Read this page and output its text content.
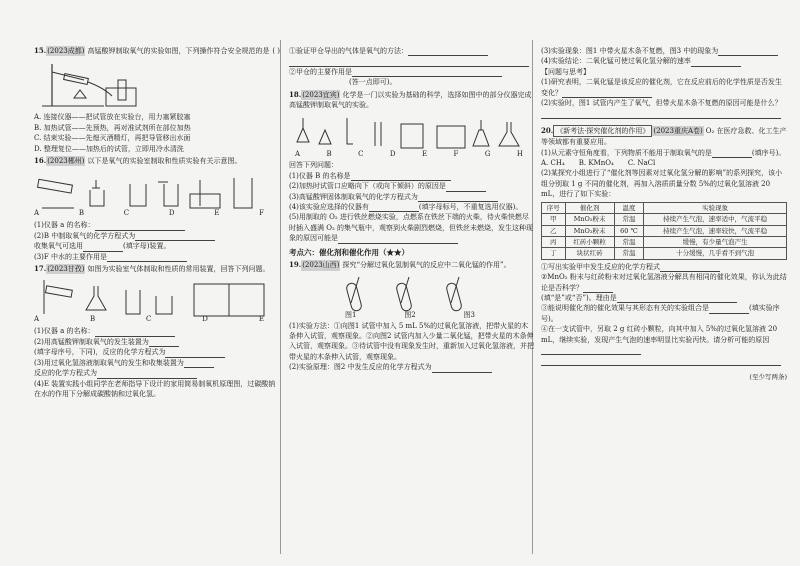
15.(2023成都) 高锰酸钾制取氧气的实验如图，下列操作符合安全规范的是 ( )
A. 连接仪器——把试管放在实验台，用力塞紧胶塞
B. 加热试管——先预热，再对准试剂所在部位加热
C. 结束实验——先熄灭酒精灯，再把导管移出水面
D. 整理复位——加热后的试管，立即用冷水清洗
16.(2023郴州) 以下是氧气的实验室制取和性质实验有关示意图。
A	B	C	D	E	F
(1)仪器 a 的名称：
(2)B 中制取氧气的化学方程式为
收集氧气可选用	(填字母)装置。
(3)F 中水的主要作用是
17.(2023甘孜) 如图为实验室气体制取和性质的常用装置，回答下列问题。
A	B	C	D	E
(1)仪器 a 的名称：
(2)用高锰酸钾制取氧气的发生装置为
(填字母序号，下同)，反应的化学方程式为
(3)用过氧化氢溶液制取氧气的发生和收集装置为
反应的化学方程式为
(4)E 装置实践小组同学在老师指导下设计的家用简易制氧机原理图，过碳酸钠在水的作用下分解成碳酸钠和过氧化氢。
①验证甲仓导出的气体是氧气的方法：
②甲仓的主要作用是
(答一点即可)。
18.(2023宜宾) 化学是一门以实验为基础的科学，选择如图中的部分仪器完成高锰酸钾制取氧气的实验。
A	B	C	D	E	F	G	H
回答下列问题：
(1)仪器 B 的名称是
(2)加热时试管口应略向下（或向下倾斜）的原因是
(3)高锰酸钾固体制取氧气的化学方程式为
(4)该实验应选择的仪器有	(填字母标号，不重复选用仪器)。
(5)用制取的 O₂ 进行铁丝燃烧实验，点燃系在铁丝下端的火柴，待火柴快燃尽时插入盛满 O₂ 的集气瓶中，观察到火柴剧烈燃烧，但铁丝未燃烧，发生这种现象的原因可能是
考点六：催化剂和催化作用（★★）
19.(2023山西) 探究“分解过氧化氢制氧气的反应中二氧化锰的作用”。
图1	图2	图3
(1)实验方法：①向图1 试管中加入 5 mL 5%的过氧化氢溶液，把带火星的木条伸入试管，观察现象。②向图2 试管内加入少量二氧化锰，把带火星的木条伸入试管，观察现象。③待试管中没有现象发生时，重新加入过氧化氢溶液，并把带火星的木条伸入试管，观察现象。
(2)实验原理：图2 中发生反应的化学方程式为
(3)实验现象：图1 中带火星木条不复燃，图3 中的现象为
(4)实验结论：二氧化锰可使过氧化氢分解的速率
【问题与思考】
(1)研究表明，二氧化锰是该反应的催化剂，它在反应前后的化学性质是否发生变化？
(2)实验时，图1 试管内产生了氧气，但带火星木条不复燃的原因可能是什么？
20. 《新考法·探究催化剂的作用》 (2023重庆A卷) O₂ 在医疗急救、化工生产等领域都有重要应用。
(1)从元素守恒角度看，下列物质不能用于制取氧气的是	(填序号)。
A. CH₄　　B. KMnO₄　　C. NaCl
(2)某探究小组进行了“催化剂等因素对过氧化氢分解的影响”的系列探究，该小组分别取 1 g 不同的催化剂，再加入溶质质量分数 5%的过氧化氢溶液 20 mL，进行了如下实验：
序号	催化剂	温度	实验现象
甲	MnO₂粉末	常温	持续产生气泡，速率适中，气流平稳
乙	MnO₂粉末	60 ℃	持续产生气泡，速率较快，气流平稳
丙	红砖小颗粒	常温	缓慢，有少量气泡产生
丁	块状红砖	常温	十分缓慢，几乎看不到气泡
①写出实验甲中发生反应的化学方程式
②MnO₂ 粉末与红砖粉末对过氧化氢溶液分解具有相同的催化效果，你认为此结论是否科学？
(填“是”或“否”)。理由是
③能说明催化剂的催化效果与其形态有关的实验组合是	(填实验序号)。
④在一支试管中，另取 2 g 红砖小颗粒，向其中加入 5%的过氧化氢溶液 20 mL，继续实验，发现产生气泡的速率明显比实验丙快。请分析可能的原因
(至少写两条)
